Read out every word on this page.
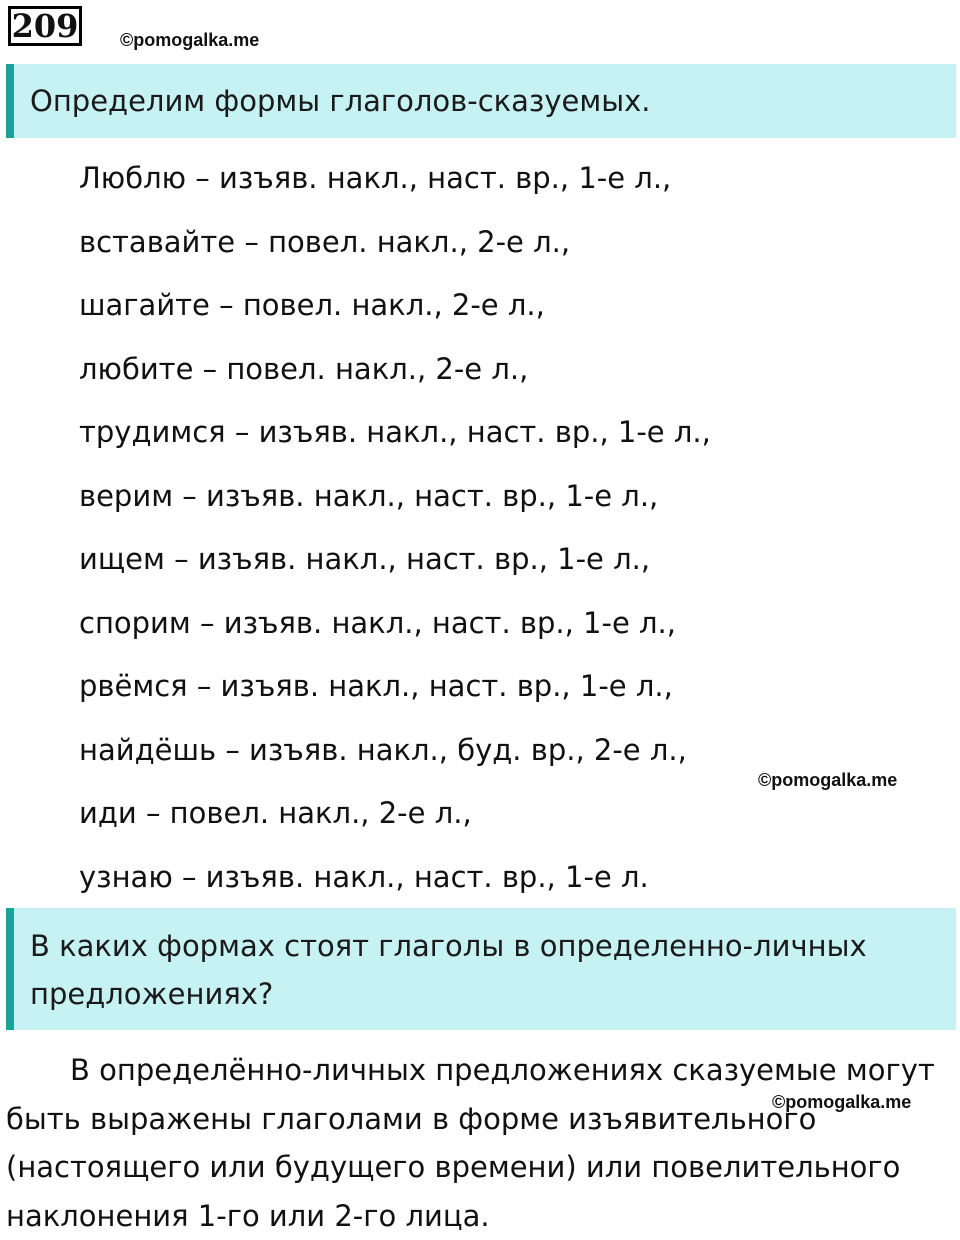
209 ©pomogalka.me
Определим формы глаголов-сказуемых.
Люблю – изъяв. накл., наст. вр., 1-е л.,
вставайте – повел. накл., 2-е л.,
шагайте – повел. накл., 2-е л.,
любите – повел. накл., 2-е л.,
трудимся – изъяв. накл., наст. вр., 1-е л.,
верим – изъяв. накл., наст. вр., 1-е л.,
ищем – изъяв. накл., наст. вр., 1-е л.,
спорим – изъяв. накл., наст. вр., 1-е л.,
рвёмся – изъяв. накл., наст. вр., 1-е л.,
найдёшь – изъяв. накл., буд. вр., 2-е л.,
иди – повел. накл., 2-е л.,
узнаю – изъяв. накл., наст. вр., 1-е л.
©pomogalka.me
В каких формах стоят глаголы в определенно-личных предложениях?

В определённо-личных предложениях сказуемые могут быть выражены глаголами в форме изъявительного (настоящего или будущего времени) или повелительного наклонения 1-го или 2-го лица.

©pomogalka.me
